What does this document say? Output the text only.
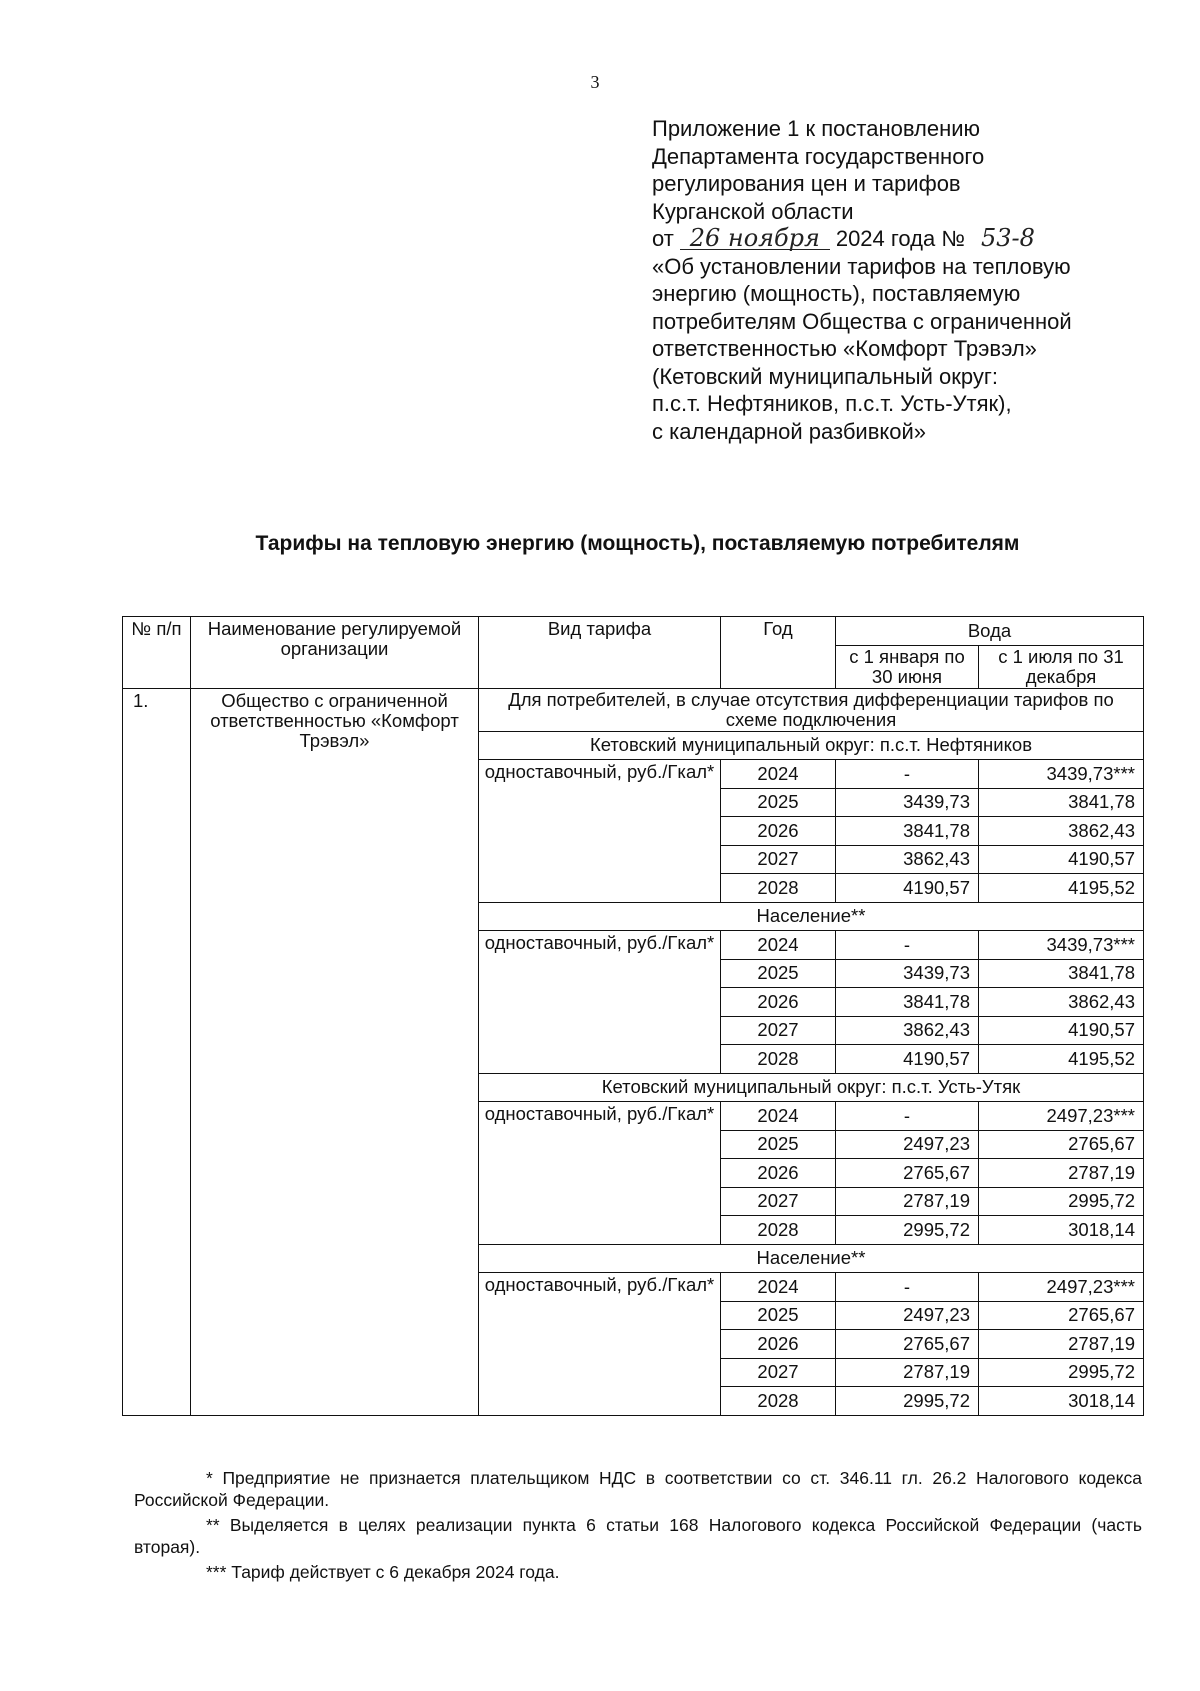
3
Приложение 1 к постановлению
Департамента государственного
регулирования цен и тарифов
Курганской области
от 26 ноября 2024 года № 53-8
«Об установлении тарифов на тепловую
энергию (мощность), поставляемую
потребителям Общества с ограниченной
ответственностью «Комфорт Трэвэл»
(Кетовский муниципальный округ:
п.с.т. Нефтяников, п.с.т. Усть-Утяк),
с календарной разбивкой»
Тарифы на тепловую энергию (мощность), поставляемую потребителям
№ п/п	Наименование регулируемой организации	Вид тарифа	Год	Вода	
				с 1 января по 30 июня	с 1 июля по 31 декабря
1.	Общество с ограниченной ответственностью «Комфорт Трэвэл»	Для потребителей, в случае отсутствия дифференциации тарифов по схеме подключения			
		Кетовский муниципальный округ: п.с.т. Нефтяников			
		одноставочный, руб./Гкал*	2024	-	3439,73***
			2025	3439,73	3841,78
			2026	3841,78	3862,43
			2027	3862,43	4190,57
			2028	4190,57	4195,52
		Население**			
		одноставочный, руб./Гкал*	2024	-	3439,73***
			2025	3439,73	3841,78
			2026	3841,78	3862,43
			2027	3862,43	4190,57
			2028	4190,57	4195,52
		Кетовский муниципальный округ: п.с.т. Усть-Утяк			
		одноставочный, руб./Гкал*	2024	-	2497,23***
			2025	2497,23	2765,67
			2026	2765,67	2787,19
			2027	2787,19	2995,72
			2028	2995,72	3018,14
		Население**			
		одноставочный, руб./Гкал*	2024	-	2497,23***
			2025	2497,23	2765,67
			2026	2765,67	2787,19
			2027	2787,19	2995,72
			2028	2995,72	3018,14

* Предприятие не признается плательщиком НДС в соответствии со ст. 346.11 гл. 26.2 Налогового кодекса Российской Федерации.

** Выделяется в целях реализации пункта 6 статьи 168 Налогового кодекса Российской Федерации (часть вторая).

*** Тариф действует с 6 декабря 2024 года.
